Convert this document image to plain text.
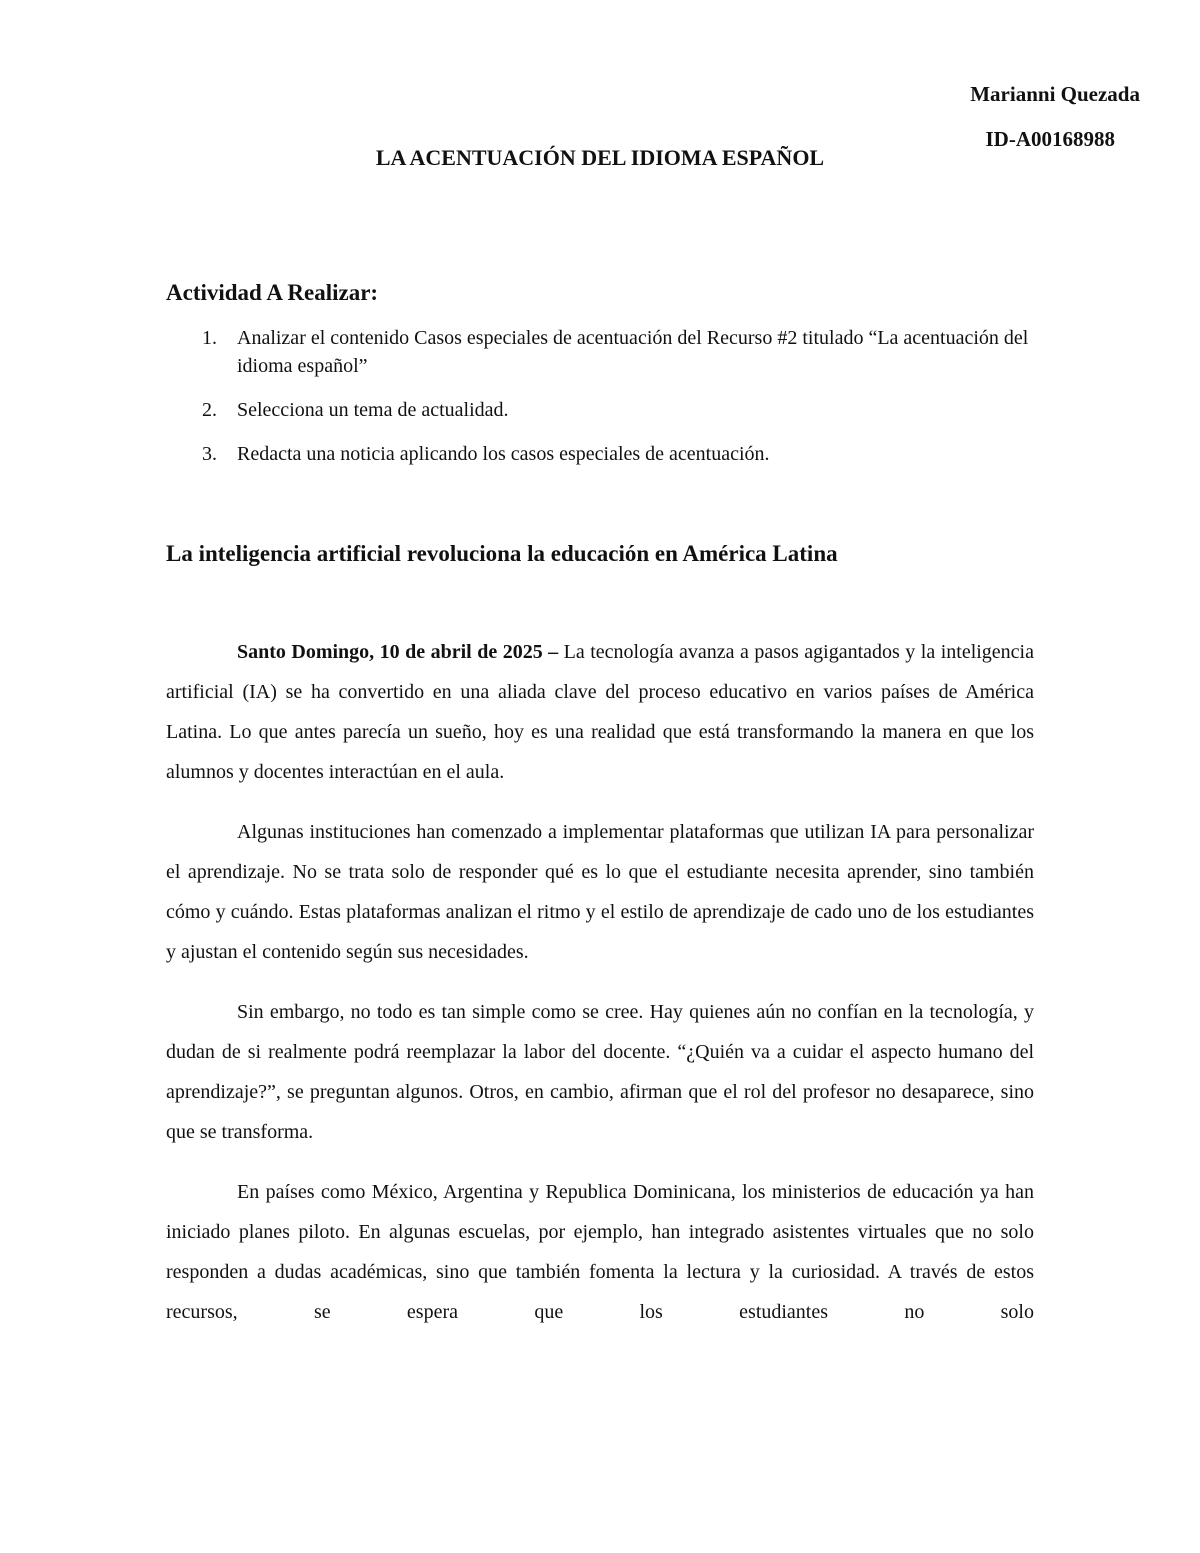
Marianni Quezada
ID-A00168988
LA ACENTUACIÓN DEL IDIOMA ESPAÑOL
Actividad A Realizar:
1. Analizar el contenido Casos especiales de acentuación del Recurso #2 titulado “La acentuación del idioma español”
2. Selecciona un tema de actualidad.
3. Redacta una noticia aplicando los casos especiales de acentuación.
La inteligencia artificial revoluciona la educación en América Latina

Santo Domingo, 10 de abril de 2025 – La tecnología avanza a pasos agigantados y la inteligencia artificial (IA) se ha convertido en una aliada clave del proceso educativo en varios países de América Latina. Lo que antes parecía un sueño, hoy es una realidad que está transformando la manera en que los alumnos y docentes interactúan en el aula.

Algunas instituciones han comenzado a implementar plataformas que utilizan IA para personalizar el aprendizaje. No se trata solo de responder qué es lo que el estudiante necesita aprender, sino también cómo y cuándo. Estas plataformas analizan el ritmo y el estilo de aprendizaje de cado uno de los estudiantes y ajustan el contenido según sus necesidades.

Sin embargo, no todo es tan simple como se cree. Hay quienes aún no confían en la tecnología, y dudan de si realmente podrá reemplazar la labor del docente. “¿Quién va a cuidar el aspecto humano del aprendizaje?”, se preguntan algunos. Otros, en cambio, afirman que el rol del profesor no desaparece, sino que se transforma.

En países como México, Argentina y Republica Dominicana, los ministerios de educación ya han iniciado planes piloto. En algunas escuelas, por ejemplo, han integrado asistentes virtuales que no solo responden a dudas académicas, sino que también fomenta la lectura y la curiosidad. A través de estos recursos, se espera que los estudiantes no solo
